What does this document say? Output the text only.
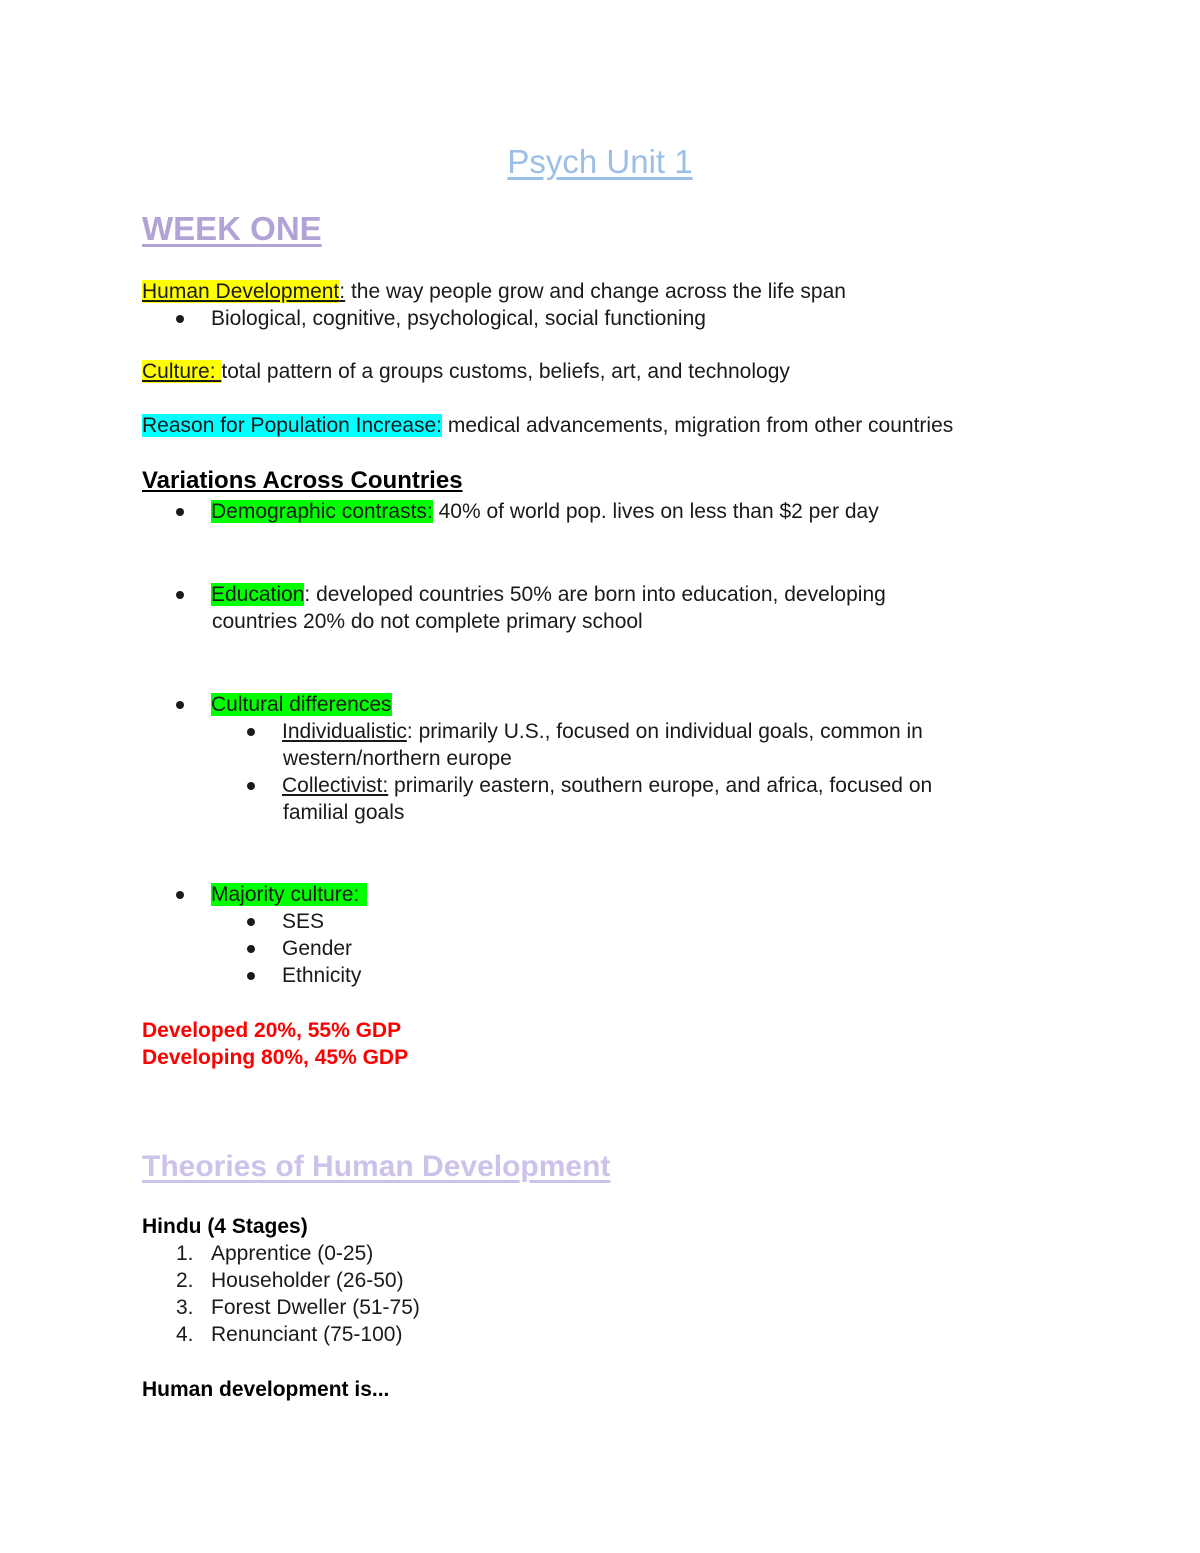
Psych Unit 1
WEEK ONE
Human Development: the way people grow and change across the life span
Biological, cognitive, psychological, social functioning
Culture: total pattern of a groups customs, beliefs, art, and technology
Reason for Population Increase: medical advancements, migration from other countries
Variations Across Countries
Demographic contrasts: 40% of world pop. lives on less than $2 per day
Education: developed countries 50% are born into education, developing
countries 20% do not complete primary school
Cultural differences
Individualistic: primarily U.S., focused on individual goals, common in
western/northern europe
Collectivist: primarily eastern, southern europe, and africa, focused on
familial goals
Majority culture:
SES
Gender
Ethnicity
Developed 20%, 55% GDP
Developing 80%, 45% GDP
Theories of Human Development
Hindu (4 Stages)
1. Apprentice (0-25)
2. Householder (26-50)
3. Forest Dweller (51-75)
4. Renunciant (75-100)
Human development is...
